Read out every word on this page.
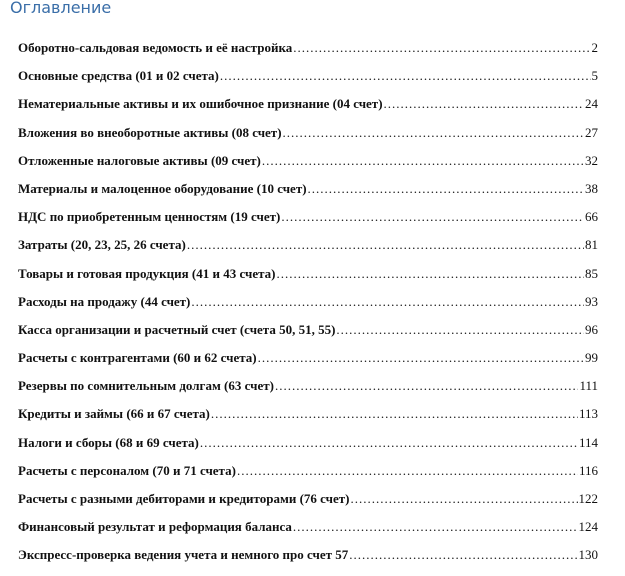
Оглавление
Оборотно-сальдовая ведомость и её настройка .....	2
Основные средства (01 и 02 счета) .....	5
Нематериальные активы и их ошибочное признание (04 счет) .....	24
Вложения во внеоборотные активы (08 счет) .....	27
Отложенные налоговые активы (09 счет) .....	32
Материалы и малоценное оборудование (10 счет) .....	38
НДС по приобретенным ценностям (19 счет) .....	66
Затраты (20, 23, 25, 26 счета) .....	81
Товары и готовая продукция (41 и 43 счета) .....	85
Расходы на продажу (44 счет) .....	93
Касса организации и расчетный счет (счета 50, 51, 55) .....	96
Расчеты с контрагентами (60 и 62 счета) .....	99
Резервы по сомнительным долгам (63 счет) .....	111
Кредиты и займы (66 и 67 счета) .....	113
Налоги и сборы (68 и 69 счета) .....	114
Расчеты с персоналом (70 и 71 счета) .....	116
Расчеты с разными дебиторами и кредиторами (76 счет) .....	122
Финансовый результат и реформация баланса .....	124
Экспресс-проверка ведения учета и немного про счет 57 .....	130
